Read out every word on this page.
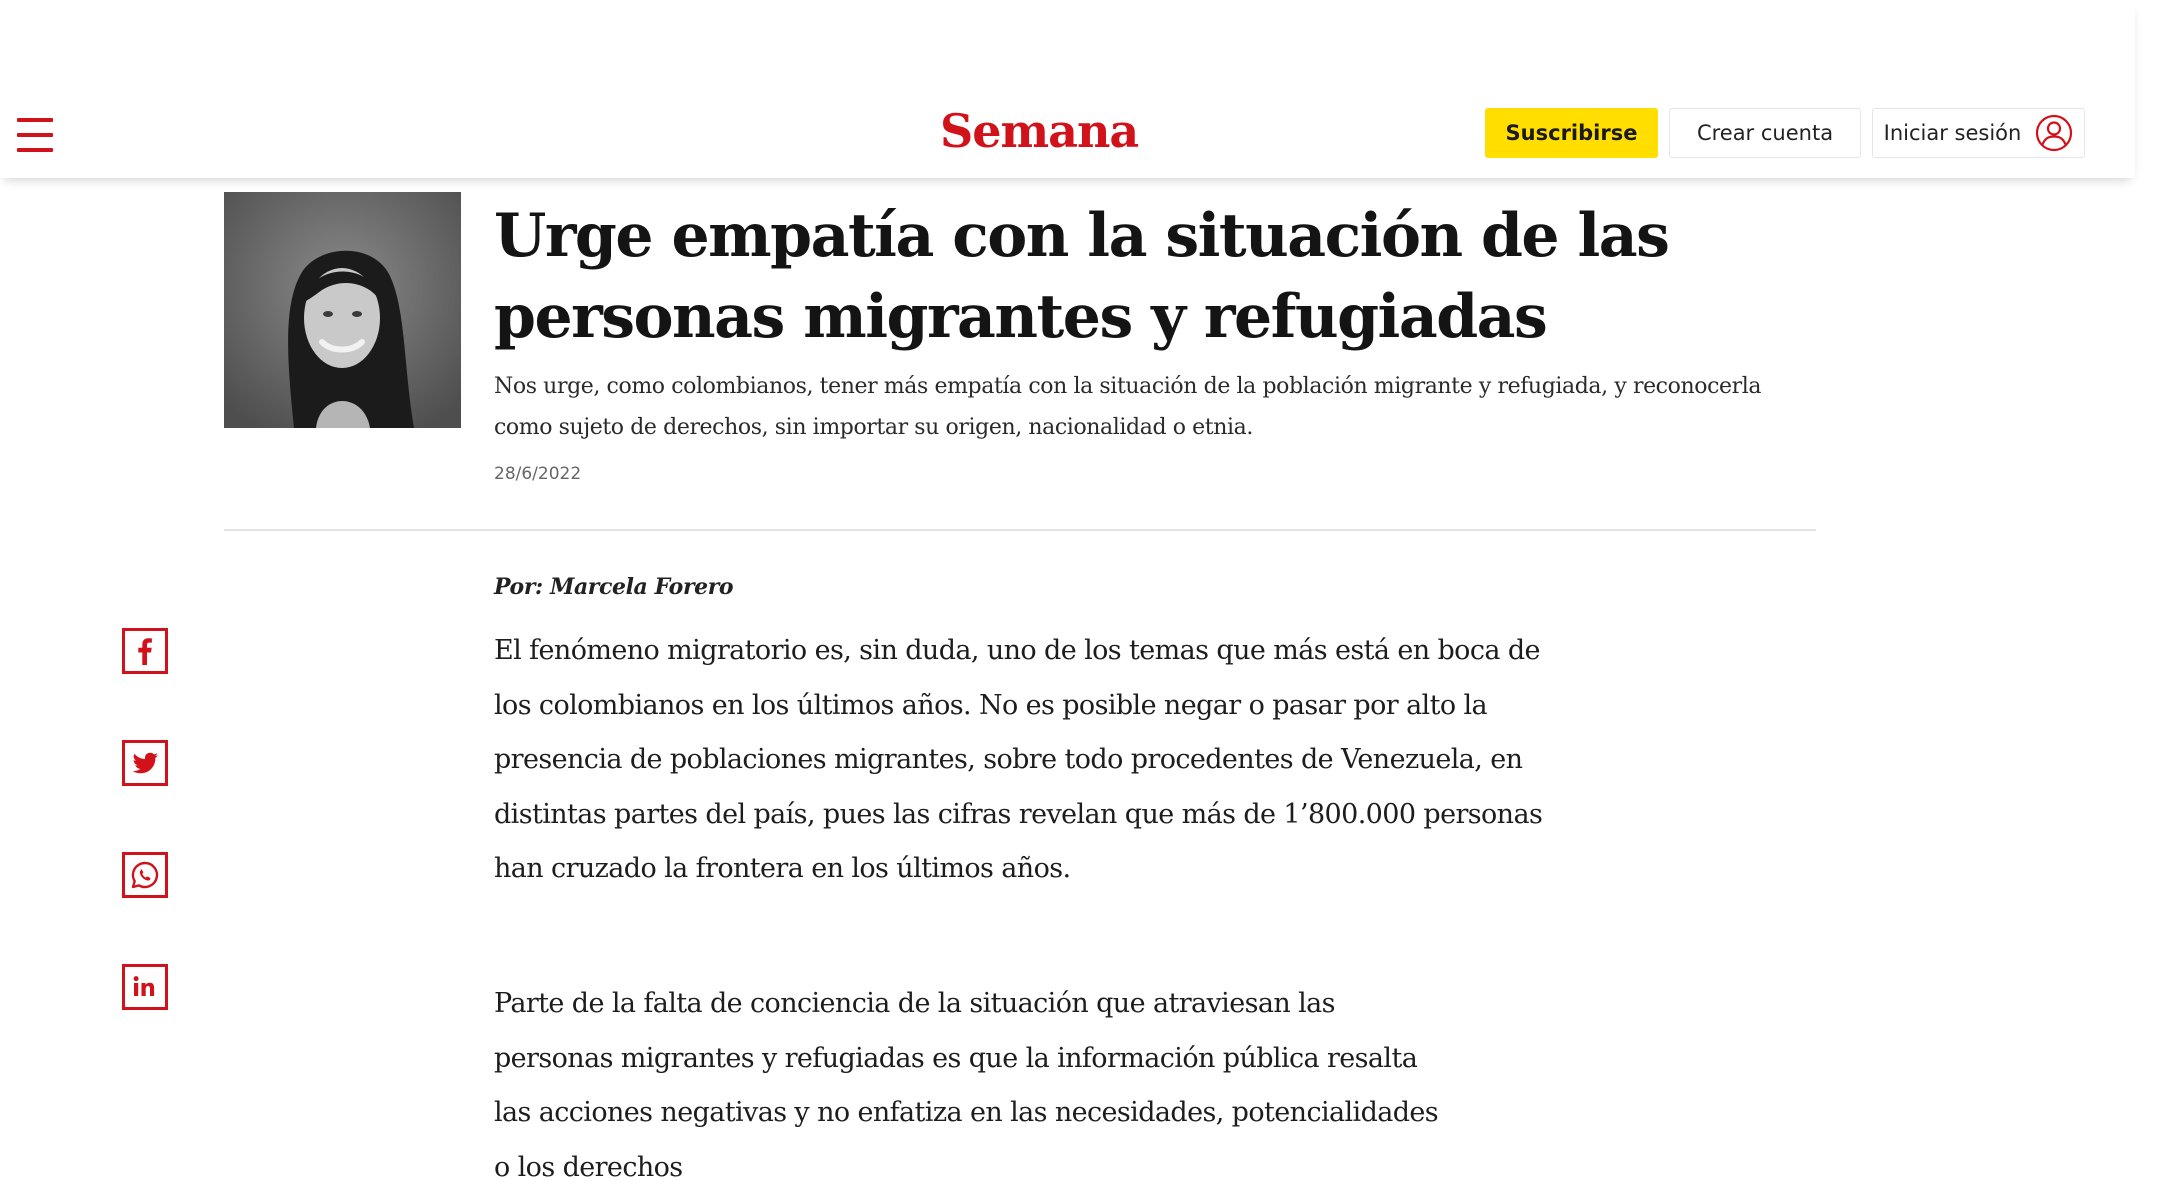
Semana	Suscribirse	Crear cuenta	Iniciar sesión
Urge empatía con la situación de las personas migrantes y refugiadas

Nos urge, como colombianos, tener más empatía con la situación de la población migrante y refugiada, y reconocerla como sujeto de derechos, sin importar su origen, nacionalidad o etnia.

28/6/2022
Por: Marcela Forero

El fenómeno migratorio es, sin duda, uno de los temas que más está en boca de los colombianos en los últimos años. No es posible negar o pasar por alto la presencia de poblaciones migrantes, sobre todo procedentes de Venezuela, en distintas partes del país, pues las cifras revelan que más de 1’800.000 personas han cruzado la frontera en los últimos años.

Parte de la falta de conciencia de la situación que atraviesan las personas migrantes y refugiadas es que la información pública resalta las acciones negativas y no enfatiza en las necesidades, potencialidades o los derechos
